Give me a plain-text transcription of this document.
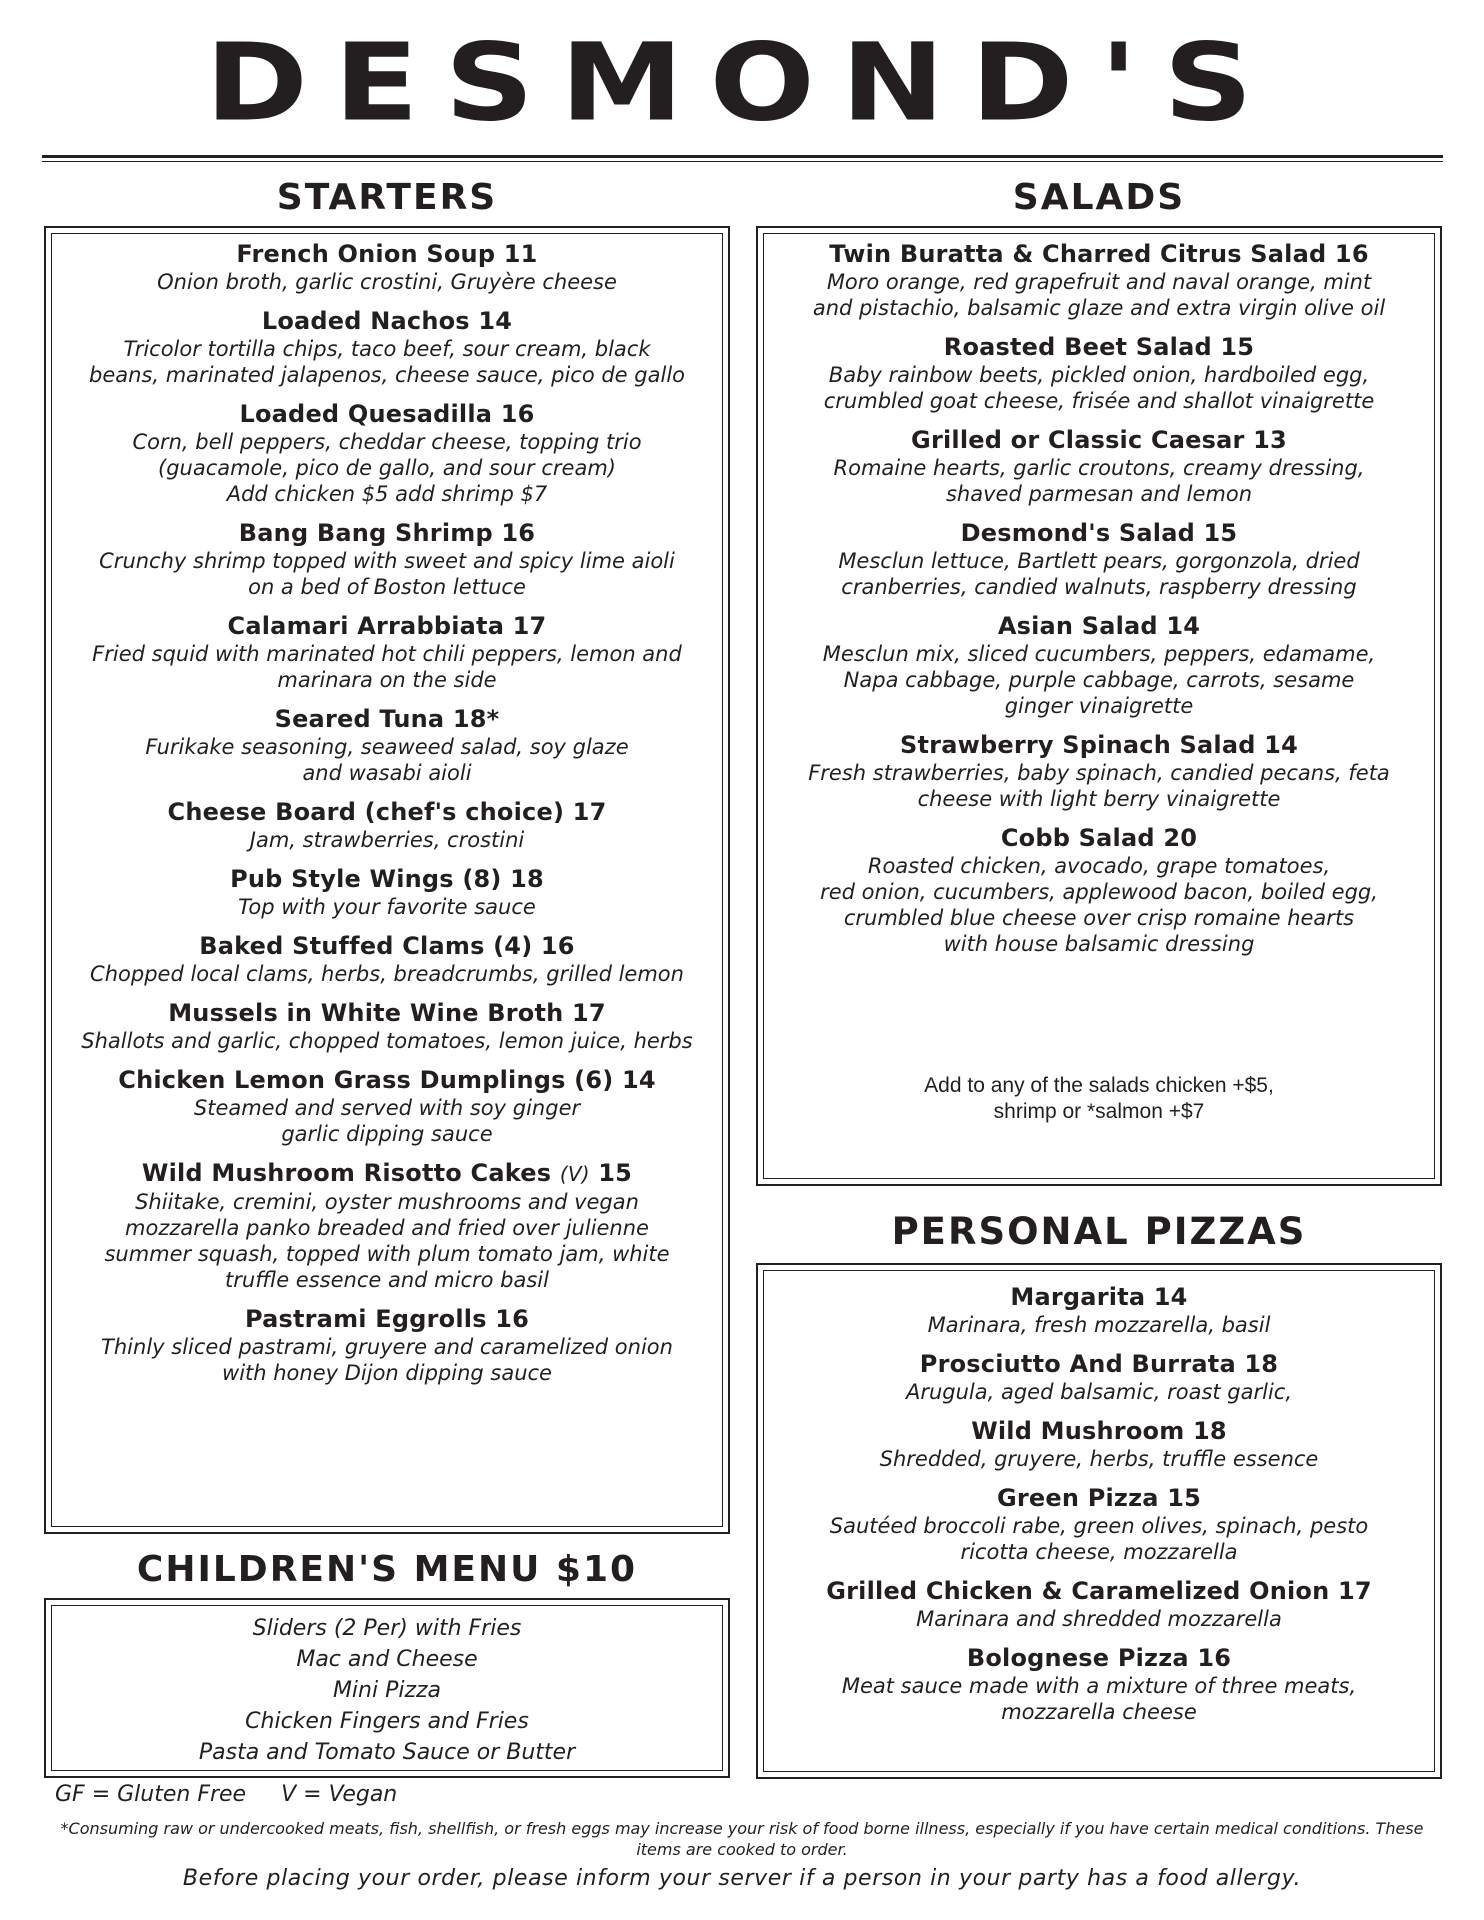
DESMOND'S
STARTERS
French Onion Soup 11
Onion broth, garlic crostini, Gruyère cheese
Loaded Nachos 14
Tricolor tortilla chips, taco beef, sour cream, black
beans, marinated jalapenos, cheese sauce, pico de gallo
Loaded Quesadilla 16
Corn, bell peppers, cheddar cheese, topping trio
(guacamole, pico de gallo, and sour cream)
Add chicken $5 add shrimp $7
Bang Bang Shrimp 16
Crunchy shrimp topped with sweet and spicy lime aioli
on a bed of Boston lettuce
Calamari Arrabbiata 17
Fried squid with marinated hot chili peppers, lemon and
marinara on the side
Seared Tuna 18*
Furikake seasoning, seaweed salad, soy glaze
and wasabi aioli
Cheese Board (chef's choice) 17
Jam, strawberries, crostini
Pub Style Wings (8) 18
Top with your favorite sauce
Baked Stuffed Clams (4) 16
Chopped local clams, herbs, breadcrumbs, grilled lemon
Mussels in White Wine Broth 17
Shallots and garlic, chopped tomatoes, lemon juice, herbs
Chicken Lemon Grass Dumplings (6) 14
Steamed and served with soy ginger
garlic dipping sauce
Wild Mushroom Risotto Cakes (V) 15
Shiitake, cremini, oyster mushrooms and vegan
mozzarella panko breaded and fried over julienne
summer squash, topped with plum tomato jam, white
truffle essence and micro basil
Pastrami Eggrolls 16
Thinly sliced pastrami, gruyere and caramelized onion
with honey Dijon dipping sauce
SALADS
Twin Buratta & Charred Citrus Salad 16
Moro orange, red grapefruit and naval orange, mint
and pistachio, balsamic glaze and extra virgin olive oil
Roasted Beet Salad 15
Baby rainbow beets, pickled onion, hardboiled egg,
crumbled goat cheese, frisée and shallot vinaigrette
Grilled or Classic Caesar 13
Romaine hearts, garlic croutons, creamy dressing,
shaved parmesan and lemon
Desmond's Salad 15
Mesclun lettuce, Bartlett pears, gorgonzola, dried
cranberries, candied walnuts, raspberry dressing
Asian Salad 14
Mesclun mix, sliced cucumbers, peppers, edamame,
Napa cabbage, purple cabbage, carrots, sesame
ginger vinaigrette
Strawberry Spinach Salad 14
Fresh strawberries, baby spinach, candied pecans, feta
cheese with light berry vinaigrette
Cobb Salad 20
Roasted chicken, avocado, grape tomatoes,
red onion, cucumbers, applewood bacon, boiled egg,
crumbled blue cheese over crisp romaine hearts
with house balsamic dressing
Add to any of the salads chicken +$5,
shrimp or *salmon +$7
PERSONAL PIZZAS
Margarita 14
Marinara, fresh mozzarella, basil
Prosciutto And Burrata 18
Arugula, aged balsamic, roast garlic,
Wild Mushroom 18
Shredded, gruyere, herbs, truffle essence
Green Pizza 15
Sautéed broccoli rabe, green olives, spinach, pesto
ricotta cheese, mozzarella
Grilled Chicken & Caramelized Onion 17
Marinara and shredded mozzarella
Bolognese Pizza 16
Meat sauce made with a mixture of three meats,
mozzarella cheese
CHILDREN'S MENU $10
Sliders (2 Per) with Fries
Mac and Cheese
Mini Pizza
Chicken Fingers and Fries
Pasta and Tomato Sauce or Butter
GF = Gluten Free V = Vegan
*Consuming raw or undercooked meats, fish, shellfish, or fresh eggs may increase your risk of food borne illness, especially if you have certain medical conditions. These items are cooked to order.
Before placing your order, please inform your server if a person in your party has a food allergy.
